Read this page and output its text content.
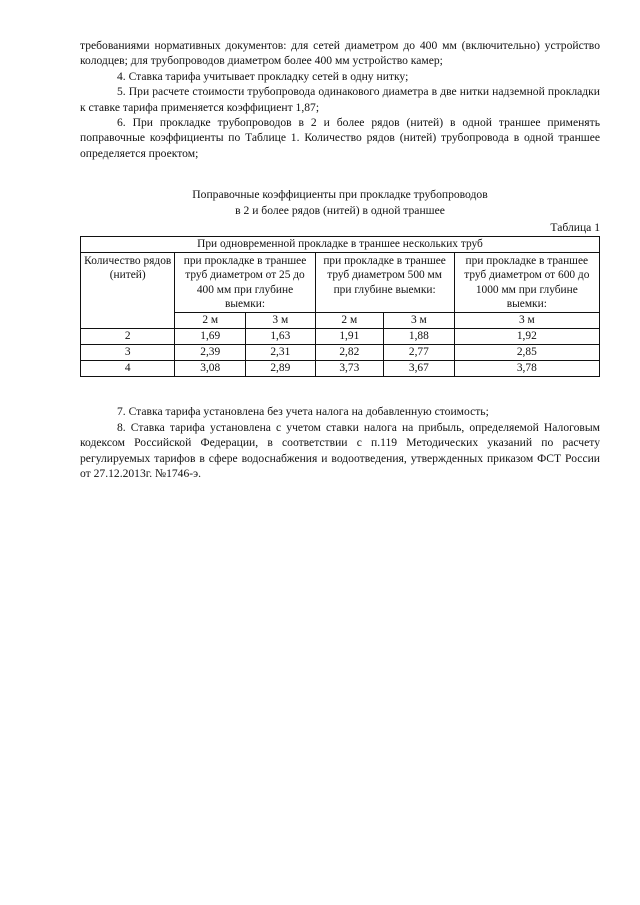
требованиями нормативных документов: для сетей диаметром до 400 мм (включительно) устройство колодцев; для трубопроводов диаметром более 400 мм устройство камер;

4. Ставка тарифа учитывает прокладку сетей в одну нитку;

5. При расчете стоимости трубопровода одинакового диаметра в две нитки надземной прокладки к ставке тарифа применяется коэффициент 1,87;

6. При прокладке трубопроводов в 2 и более рядов (нитей) в одной траншее применять поправочные коэффициенты по Таблице 1. Количество рядов (нитей) трубопровода в одной траншее определяется проектом;

Поправочные коэффициенты при прокладке трубопроводов
в 2 и более рядов (нитей) в одной траншее
Таблица 1
При одновременной прокладке в траншее нескольких труб					
Количество рядов (нитей)	при прокладке в траншее труб диаметром от 25 до 400 мм при глубине выемки:		при прокладке в траншее труб диаметром 500 мм при глубине выемки:		при прокладке в траншее труб диаметром от 600 до 1000 мм при глубине выемки:
	2 м	3 м	2 м	3 м	3 м
2	1,69	1,63	1,91	1,88	1,92
3	2,39	2,31	2,82	2,77	2,85
4	3,08	2,89	3,73	3,67	3,78

7. Ставка тарифа установлена без учета налога на добавленную стоимость;

8. Ставка тарифа установлена с учетом ставки налога на прибыль, определяемой Налоговым кодексом Российской Федерации, в соответствии с п.119 Методических указаний по расчету регулируемых тарифов в сфере водоснабжения и водоотведения, утвержденных приказом ФСТ России от 27.12.2013г. №1746-э.
